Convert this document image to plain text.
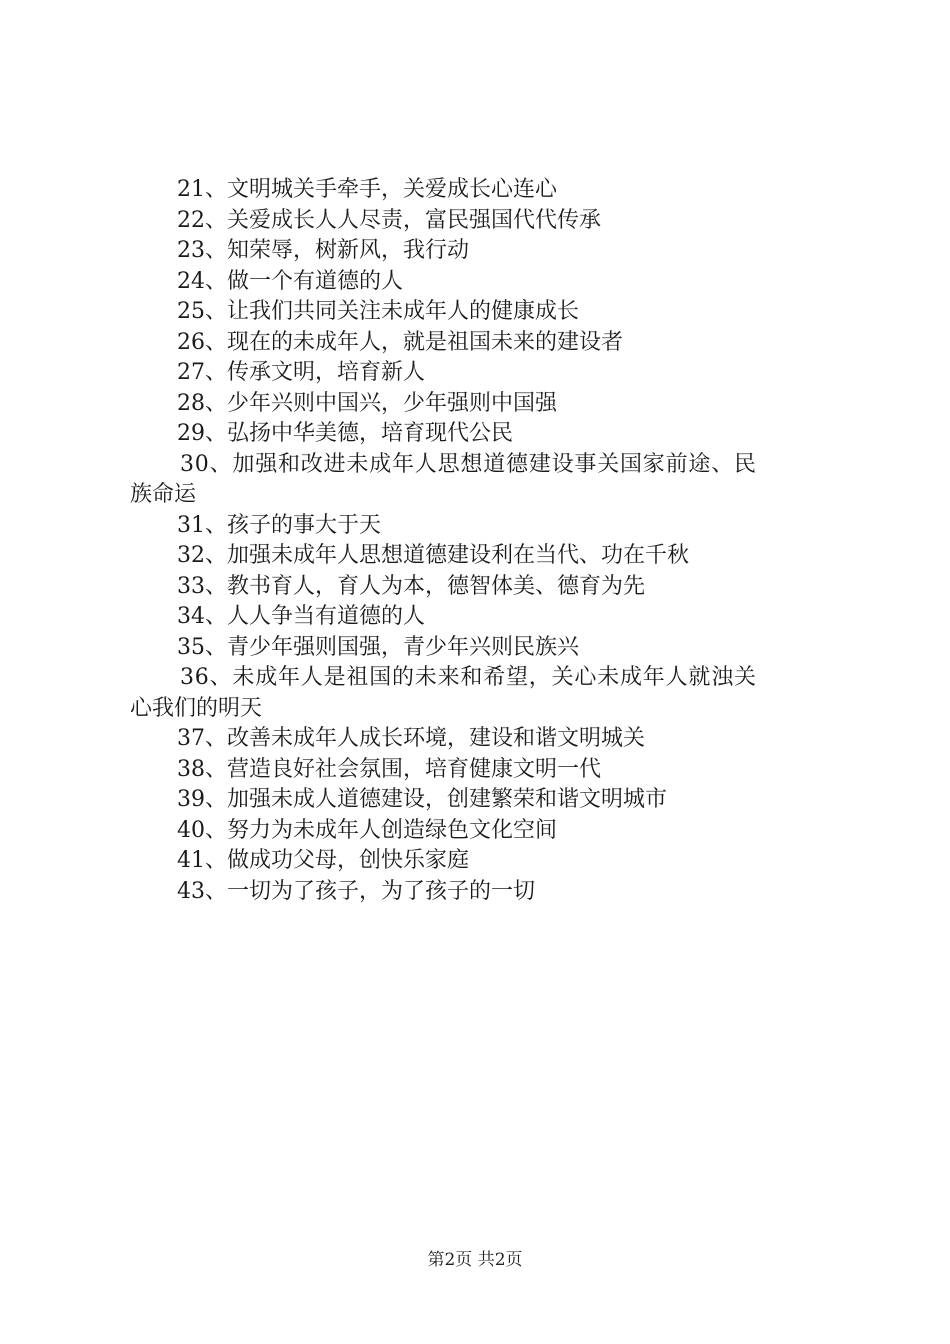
21、文明城关手牵手，关爱成长心连心
22、关爱成长人人尽责，富民强国代代传承
23、知荣辱，树新风，我行动
24、做一个有道德的人
25、让我们共同关注未成年人的健康成长
26、现在的未成年人，就是祖国未来的建设者
27、传承文明，培育新人
28、少年兴则中国兴，少年强则中国强
29、弘扬中华美德，培育现代公民
30、加强和改进未成年人思想道德建设事关国家前途、民
族命运
31、孩子的事大于天
32、加强未成年人思想道德建设利在当代、功在千秋
33、教书育人，育人为本，德智体美、德育为先
34、人人争当有道德的人
35、青少年强则国强，青少年兴则民族兴
36、未成年人是祖国的未来和希望，关心未成年人就浊关
心我们的明天
37、改善未成年人成长环境，建设和谐文明城关
38、营造良好社会氛围，培育健康文明一代
39、加强未成人道德建设，创建繁荣和谐文明城市
40、努力为未成年人创造绿色文化空间
41、做成功父母，创快乐家庭
43、一切为了孩子，为了孩子的一切
第2页 共2页
